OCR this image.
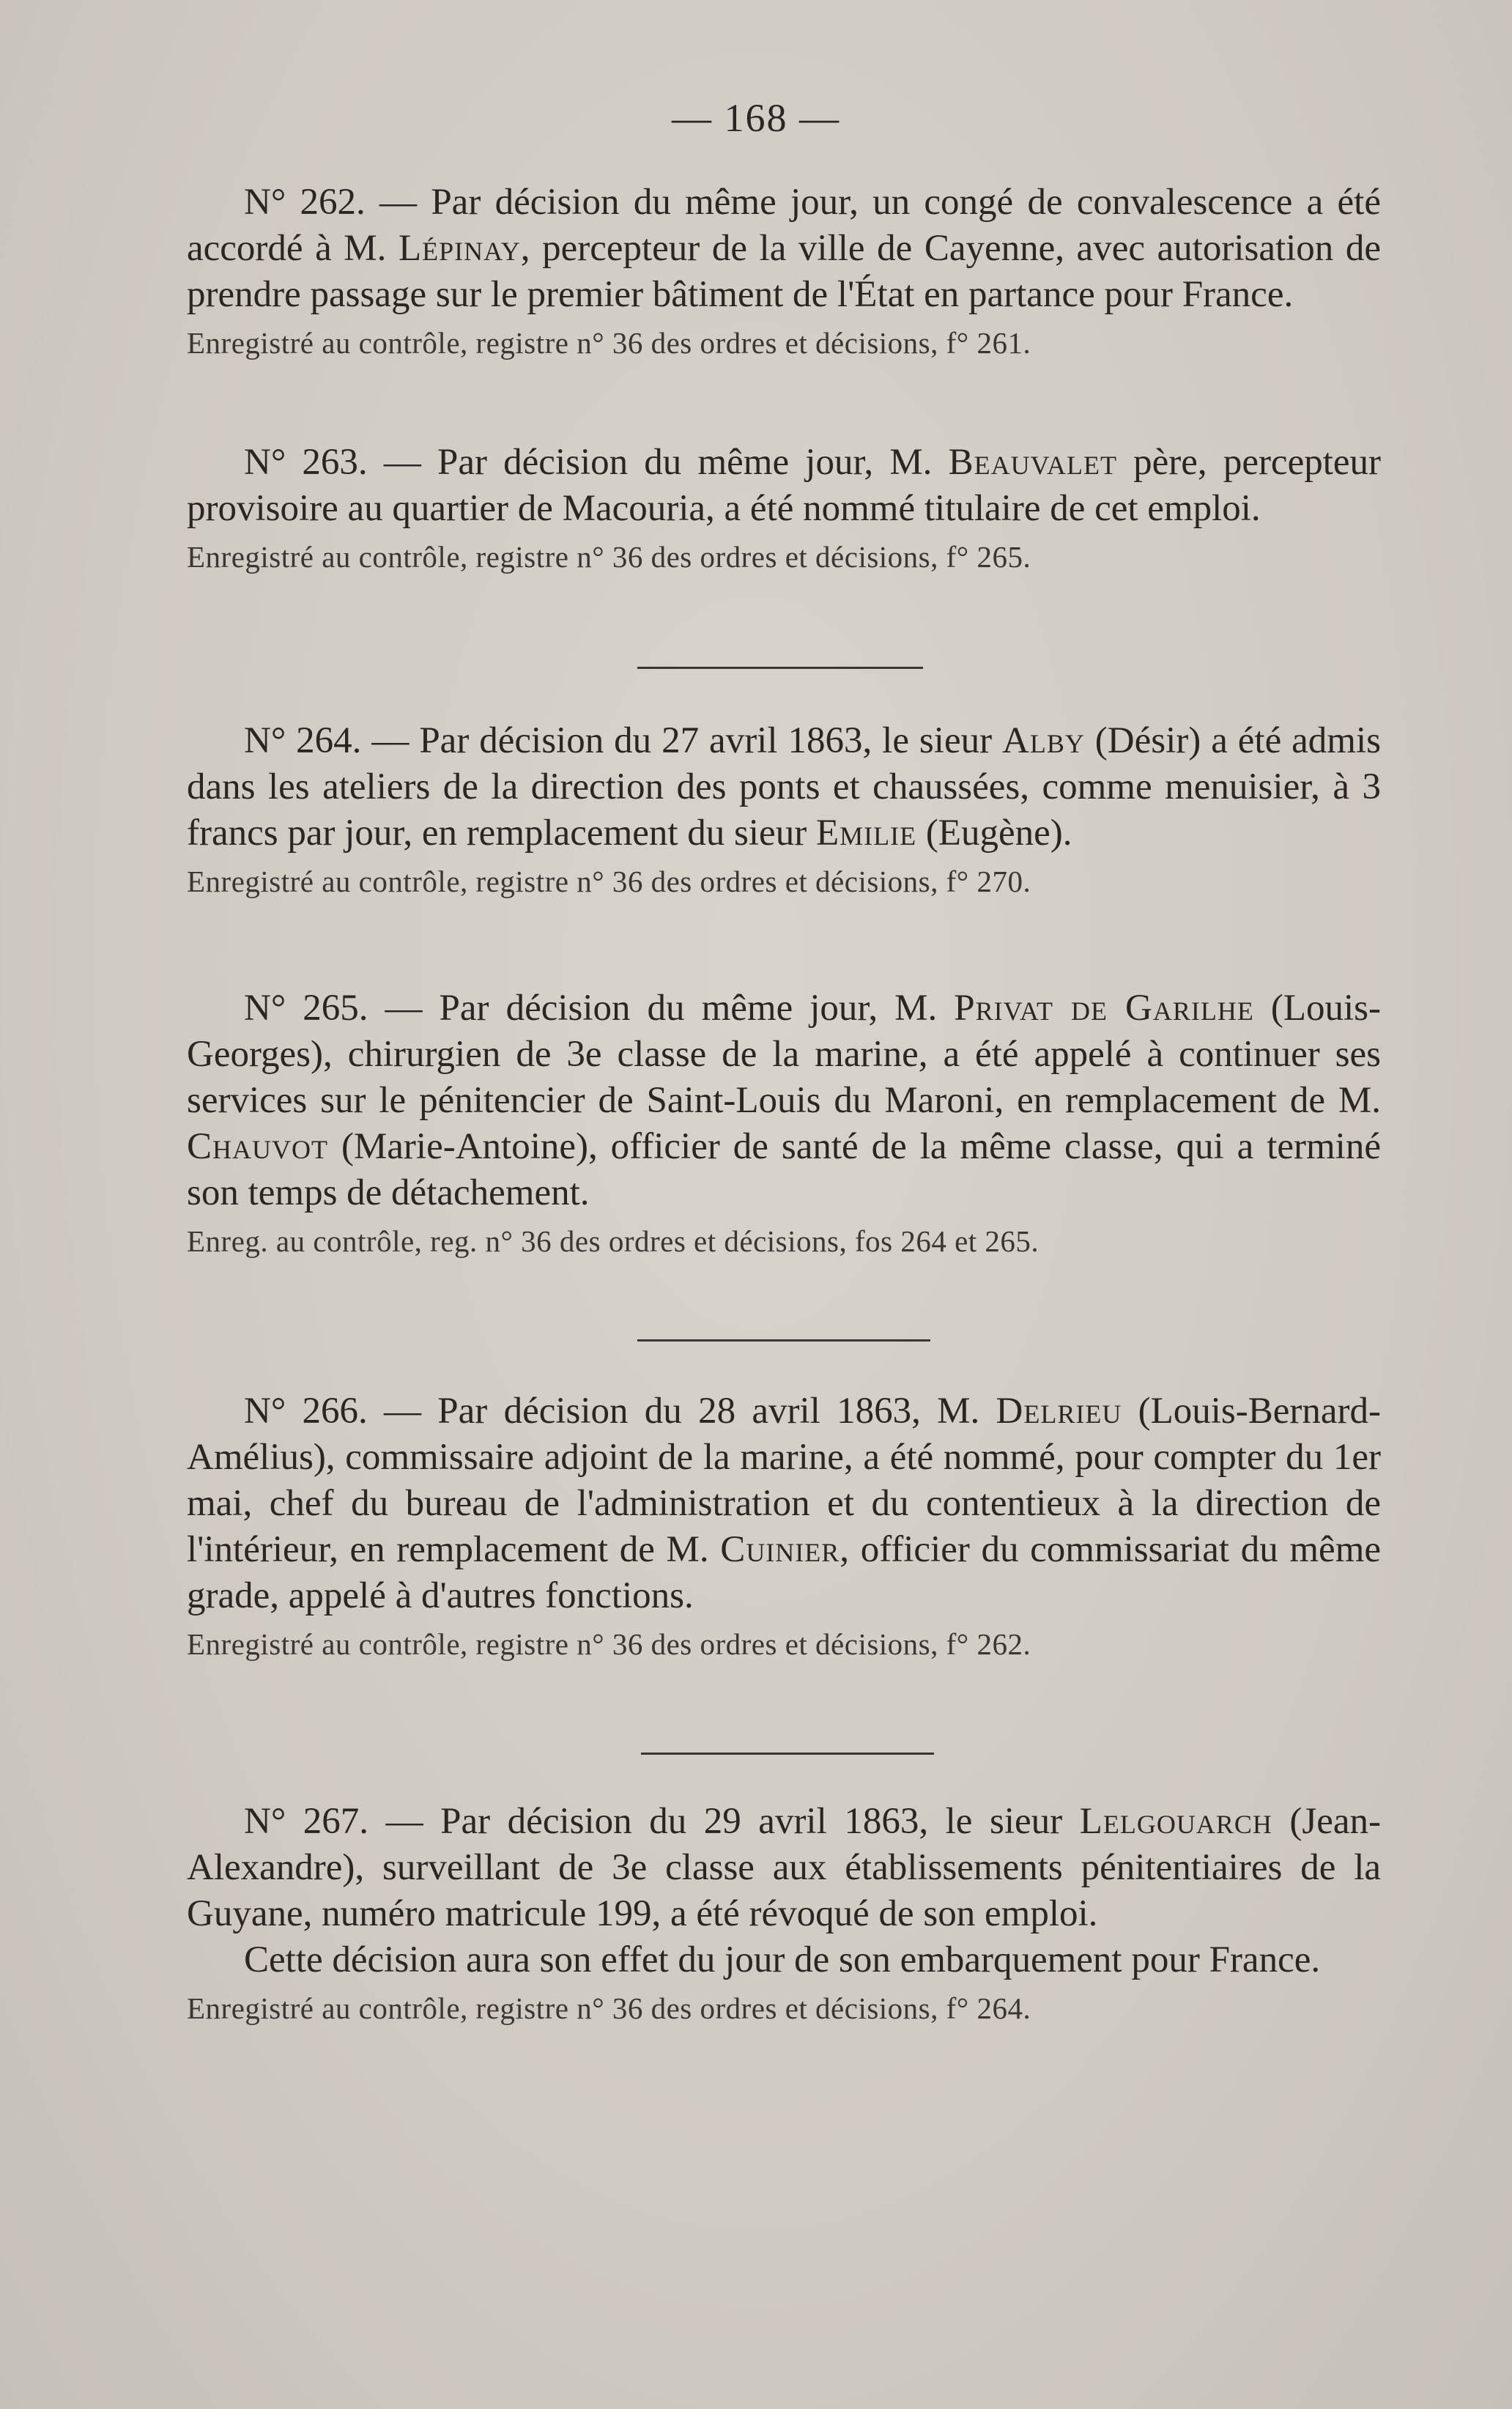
— 168 —

N° 262. — Par décision du même jour, un congé de convalescence a été accordé à M. Lépinay, percepteur de la ville de Cayenne, avec autorisation de prendre passage sur le premier bâtiment de l'État en partance pour France.

Enregistré au contrôle, registre n° 36 des ordres et décisions, f° 261.

N° 263. — Par décision du même jour, M. Beauvalet père, percepteur provisoire au quartier de Macouria, a été nommé titulaire de cet emploi.

Enregistré au contrôle, registre n° 36 des ordres et décisions, f° 265.

N° 264. — Par décision du 27 avril 1863, le sieur Alby (Désir) a été admis dans les ateliers de la direction des ponts et chaussées, comme menuisier, à 3 francs par jour, en remplacement du sieur Emilie (Eugène).

Enregistré au contrôle, registre n° 36 des ordres et décisions, f° 270.

N° 265. — Par décision du même jour, M. Privat de Garilhe (Louis-Georges), chirurgien de 3e classe de la marine, a été appelé à continuer ses services sur le pénitencier de Saint-Louis du Maroni, en remplacement de M. Chauvot (Marie-Antoine), officier de santé de la même classe, qui a terminé son temps de détachement.

Enreg. au contrôle, reg. n° 36 des ordres et décisions, fos 264 et 265.

N° 266. — Par décision du 28 avril 1863, M. Delrieu (Louis-Bernard-Amélius), commissaire adjoint de la marine, a été nommé, pour compter du 1er mai, chef du bureau de l'administration et du contentieux à la direction de l'intérieur, en remplacement de M. Cuinier, officier du commissariat du même grade, appelé à d'autres fonctions.

Enregistré au contrôle, registre n° 36 des ordres et décisions, f° 262.

N° 267. — Par décision du 29 avril 1863, le sieur Lelgouarch (Jean-Alexandre), surveillant de 3e classe aux établissements pénitentiaires de la Guyane, numéro matricule 199, a été révoqué de son emploi.

Cette décision aura son effet du jour de son embarquement pour France.

Enregistré au contrôle, registre n° 36 des ordres et décisions, f° 264.
